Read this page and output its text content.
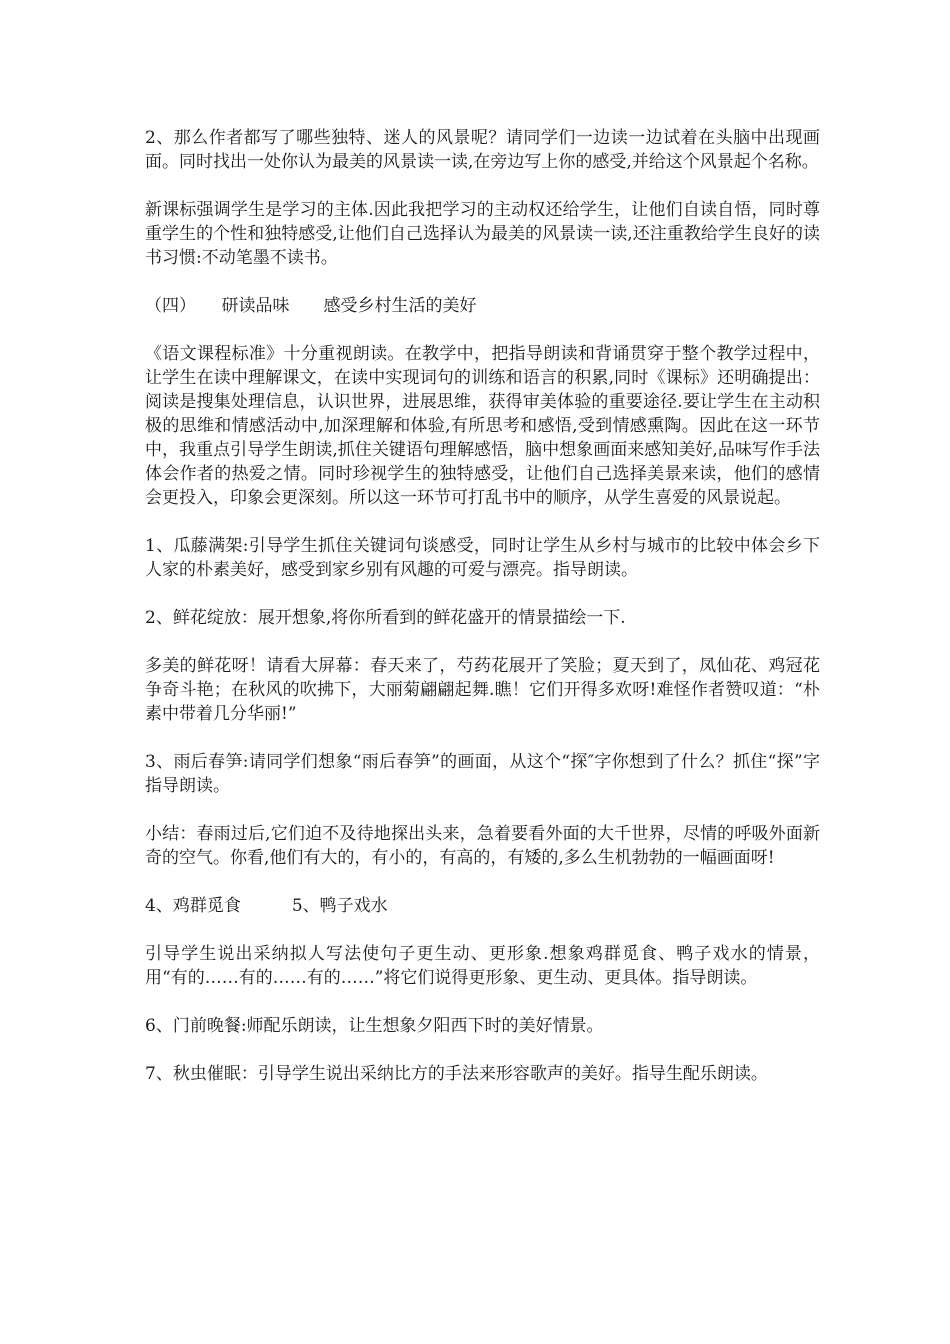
2、那么作者都写了哪些独特、迷人的风景呢？请同学们一边读一边试着在头脑中出现画面。同时找出一处你认为最美的风景读一读,在旁边写上你的感受,并给这个风景起个名称。

新课标强调学生是学习的主体.因此我把学习的主动权还给学生，让他们自读自悟，同时尊重学生的个性和独特感受,让他们自己选择认为最美的风景读一读,还注重教给学生良好的读书习惯:不动笔墨不读书。

（四）　　研读品味　　感受乡村生活的美好

《语文课程标准》十分重视朗读。在教学中，把指导朗读和背诵贯穿于整个教学过程中，让学生在读中理解课文，在读中实现词句的训练和语言的积累,同时《课标》还明确提出：阅读是搜集处理信息，认识世界，进展思维，获得审美体验的重要途径.要让学生在主动积极的思维和情感活动中,加深理解和体验,有所思考和感悟,受到情感熏陶。因此在这一环节中，我重点引导学生朗读,抓住关键语句理解感悟，脑中想象画面来感知美好,品味写作手法体会作者的热爱之情。同时珍视学生的独特感受，让他们自己选择美景来读，他们的感情会更投入，印象会更深刻。所以这一环节可打乱书中的顺序，从学生喜爱的风景说起。

1、瓜藤满架:引导学生抓住关键词句谈感受，同时让学生从乡村与城市的比较中体会乡下人家的朴素美好，感受到家乡别有风趣的可爱与漂亮。指导朗读。

2、鲜花绽放：展开想象,将你所看到的鲜花盛开的情景描绘一下.

多美的鲜花呀！请看大屏幕：春天来了，芍药花展开了笑脸；夏天到了，凤仙花、鸡冠花争奇斗艳；在秋风的吹拂下，大丽菊翩翩起舞.瞧！它们开得多欢呀!难怪作者赞叹道：“朴素中带着几分华丽!”

3、雨后春笋:请同学们想象“雨后春笋”的画面，从这个“探″字你想到了什么？抓住“探”字指导朗读。

小结：春雨过后,它们迫不及待地探出头来，急着要看外面的大千世界，尽情的呼吸外面新奇的空气。你看,他们有大的，有小的，有高的，有矮的,多么生机勃勃的一幅画面呀!

4、鸡群觅食　　　5、鸭子戏水

引导学生说出采纳拟人写法使句子更生动、更形象.想象鸡群觅食、鸭子戏水的情景，用“有的……有的……有的……”将它们说得更形象、更生动、更具体。指导朗读。

6、门前晚餐:师配乐朗读，让生想象夕阳西下时的美好情景。

7、秋虫催眠：引导学生说出采纳比方的手法来形容歌声的美好。指导生配乐朗读。
